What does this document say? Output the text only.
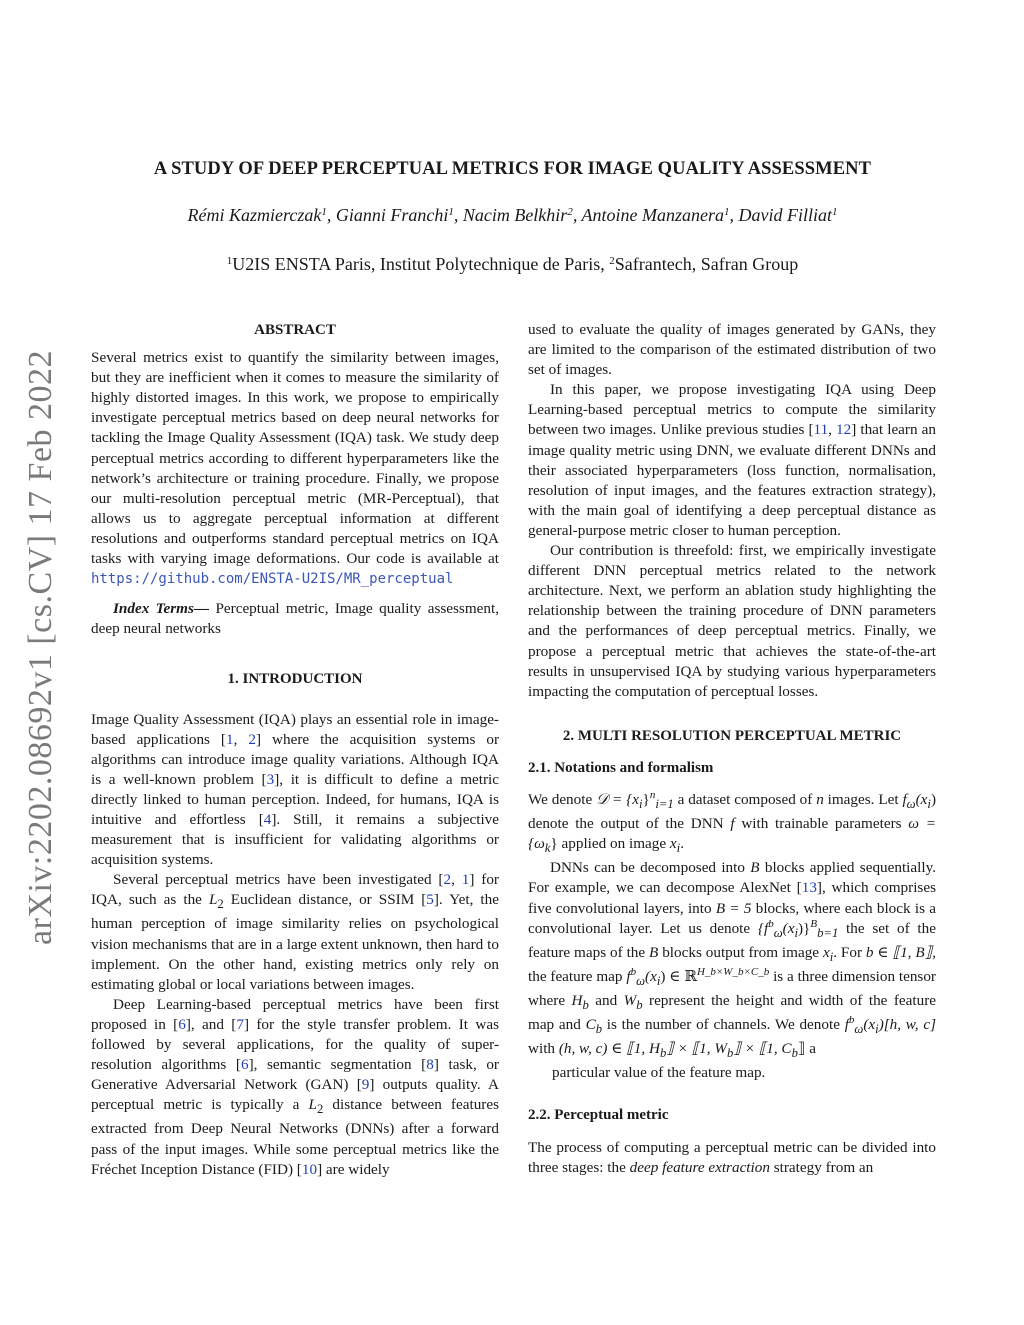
arXiv:2202.08692v1 [cs.CV] 17 Feb 2022
A STUDY OF DEEP PERCEPTUAL METRICS FOR IMAGE QUALITY ASSESSMENT
Rémi Kazmierczak$^1$, Gianni Franchi$^1$, Nacim Belkhir$^2$, Antoine Manzanera$^1$, David Filliat$^1$
$^1$U2IS ENSTA Paris, Institut Polytechnique de Paris, $^2$Safrantech, Safran Group

ABSTRACT

Several metrics exist to quantify the similarity between images, but they are inefficient when it comes to measure the similarity of highly distorted images. In this work, we propose to empirically investigate perceptual metrics based on deep neural networks for tackling the Image Quality Assessment (IQA) task. We study deep perceptual metrics according to different hyperparameters like the network’s architecture or training procedure. Finally, we propose our multi-resolution perceptual metric (MR-Perceptual), that allows us to aggregate perceptual information at different resolutions and outperforms standard perceptual metrics on IQA tasks with varying image deformations. Our code is available at https://github.com/ENSTA-U2IS/MR_perceptual

Index Terms— Perceptual metric, Image quality assessment, deep neural networks

1. INTRODUCTION

Image Quality Assessment (IQA) plays an essential role in image-based applications [1, 2] where the acquisition systems or algorithms can introduce image quality variations. Although IQA is a well-known problem [3], it is difficult to define a metric directly linked to human perception. Indeed, for humans, IQA is intuitive and effortless [4]. Still, it remains a subjective measurement that is insufficient for validating algorithms or acquisition systems.

Several perceptual metrics have been investigated [2, 1] for IQA, such as the $L_2$ Euclidean distance, or SSIM [5]. Yet, the human perception of image similarity relies on psychological vision mechanisms that are in a large extent unknown, then hard to implement. On the other hand, existing metrics only rely on estimating global or local variations between images.

Deep Learning-based perceptual metrics have been first proposed in [6], and [7] for the style transfer problem. It was followed by several applications, for the quality of super-resolution algorithms [6], semantic segmentation [8] task, or Generative Adversarial Network (GAN) [9] outputs quality. A perceptual metric is typically a $L_2$ distance between features extracted from Deep Neural Networks (DNNs) after a forward pass of the input images. While some perceptual metrics like the Fréchet Inception Distance (FID) [10] are widely

used to evaluate the quality of images generated by GANs, they are limited to the comparison of the estimated distribution of two set of images.

In this paper, we propose investigating IQA using Deep Learning-based perceptual metrics to compute the similarity between two images. Unlike previous studies [11, 12] that learn an image quality metric using DNN, we evaluate different DNNs and their associated hyperparameters (loss function, normalisation, resolution of input images, and the features extraction strategy), with the main goal of identifying a deep perceptual distance as general-purpose metric closer to human perception.

Our contribution is threefold: first, we empirically investigate different DNN perceptual metrics related to the network architecture. Next, we perform an ablation study highlighting the relationship between the training procedure of DNN parameters and the performances of deep perceptual metrics. Finally, we propose a perceptual metric that achieves the state-of-the-art results in unsupervised IQA by studying various hyperparameters impacting the computation of perceptual losses.

2. MULTI RESOLUTION PERCEPTUAL METRIC

2.1. Notations and formalism

We denote 𝒟 = $\{x_i\}^n_{i=1}$ a dataset composed of n images. Let $f_\omega(x_i)$ denote the output of the DNN f with trainable parameters $\omega = \{\omega_k\}$ applied on image $x_i$.

DNNs can be decomposed into B blocks applied sequentially. For example, we can decompose AlexNet [13], which comprises five convolutional layers, into B = 5 blocks, where each block is a convolutional layer. Let us denote $\{f^b_\omega(x_i)\}^B_{b=1}$ the set of the feature maps of the B blocks output from image $x_i$. For b ∈ ⟦1, B⟧, the feature map $f^b_\omega(x_i)$ ∈ ℝ$^{H\_b\times W\_b\times C\_b}$ is a three dimension tensor where $H_b$ and $W_b$ represent the height and width of the feature map and $C_b$ is the number of channels. We denote $f^b_\omega(x_i)[h$, w, c] with (h, w, c) ∈ ⟦1, $H_b⟧$ × ⟦1, $W_b⟧$ × ⟦1, $C_b⟧$ a

particular value of the feature map.

2.2. Perceptual metric

The process of computing a perceptual metric can be divided into three stages: the deep feature extraction strategy from an
